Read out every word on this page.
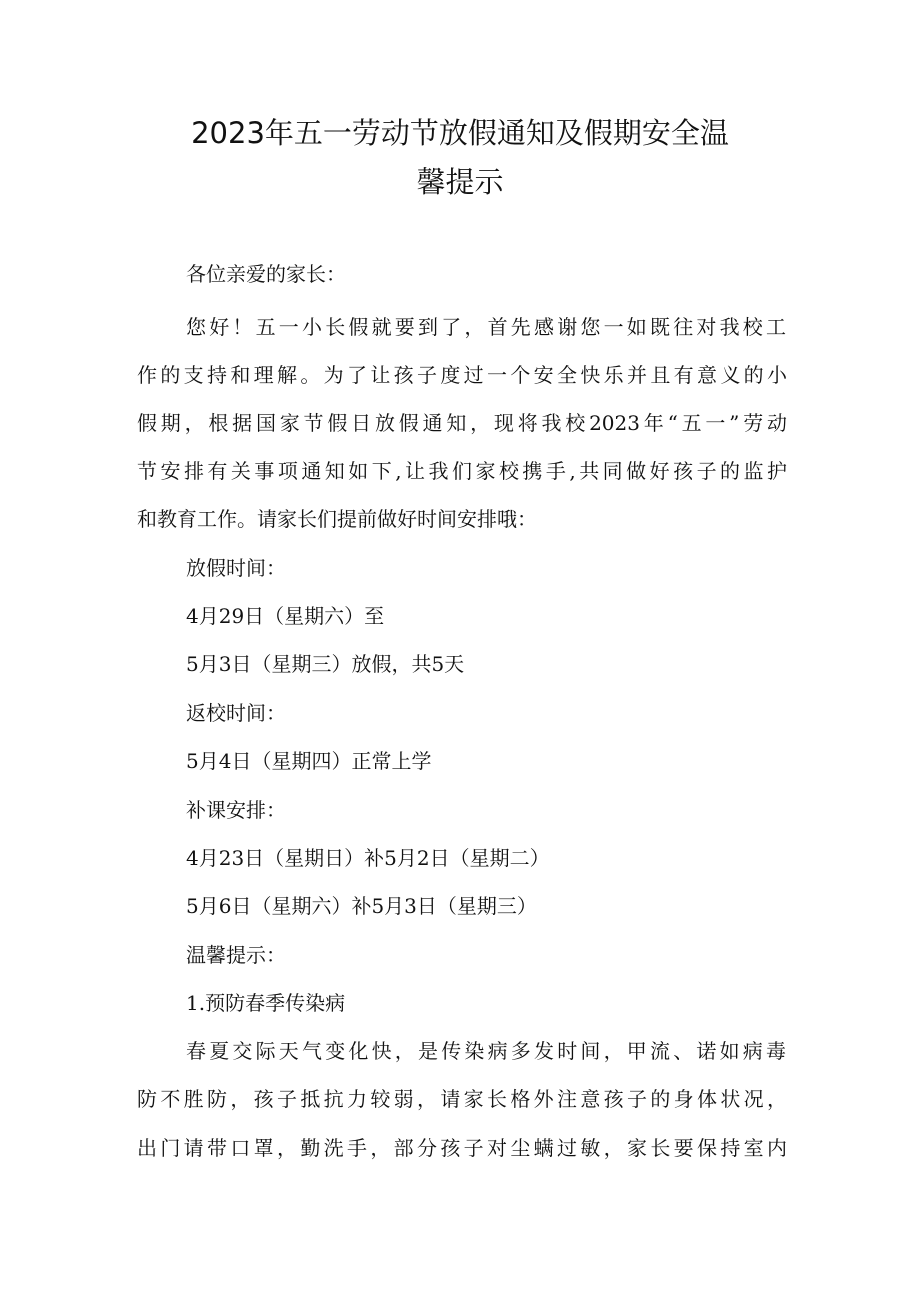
2023年五一劳动节放假通知及假期安全温
馨提示
各位亲爱的家长：
您好！五一小长假就要到了，首先感谢您一如既往对我校工
作的支持和理解。为了让孩子度过一个安全快乐并且有意义的小
假期，根据国家节假日放假通知，现将我校2023年“五一”劳动
节安排有关事项通知如下,让我们家校携手,共同做好孩子的监护
和教育工作。请家长们提前做好时间安排哦：
放假时间：
4月29日（星期六）至
5月3日（星期三）放假，共5天
返校时间：
5月4日（星期四）正常上学
补课安排：
4月23日（星期日）补5月2日（星期二）
5月6日（星期六）补5月3日（星期三）
温馨提示：
1.预防春季传染病
春夏交际天气变化快，是传染病多发时间，甲流、诺如病毒
防不胜防，孩子抵抗力较弱，请家长格外注意孩子的身体状况，
出门请带口罩，勤洗手，部分孩子对尘螨过敏，家长要保持室内
